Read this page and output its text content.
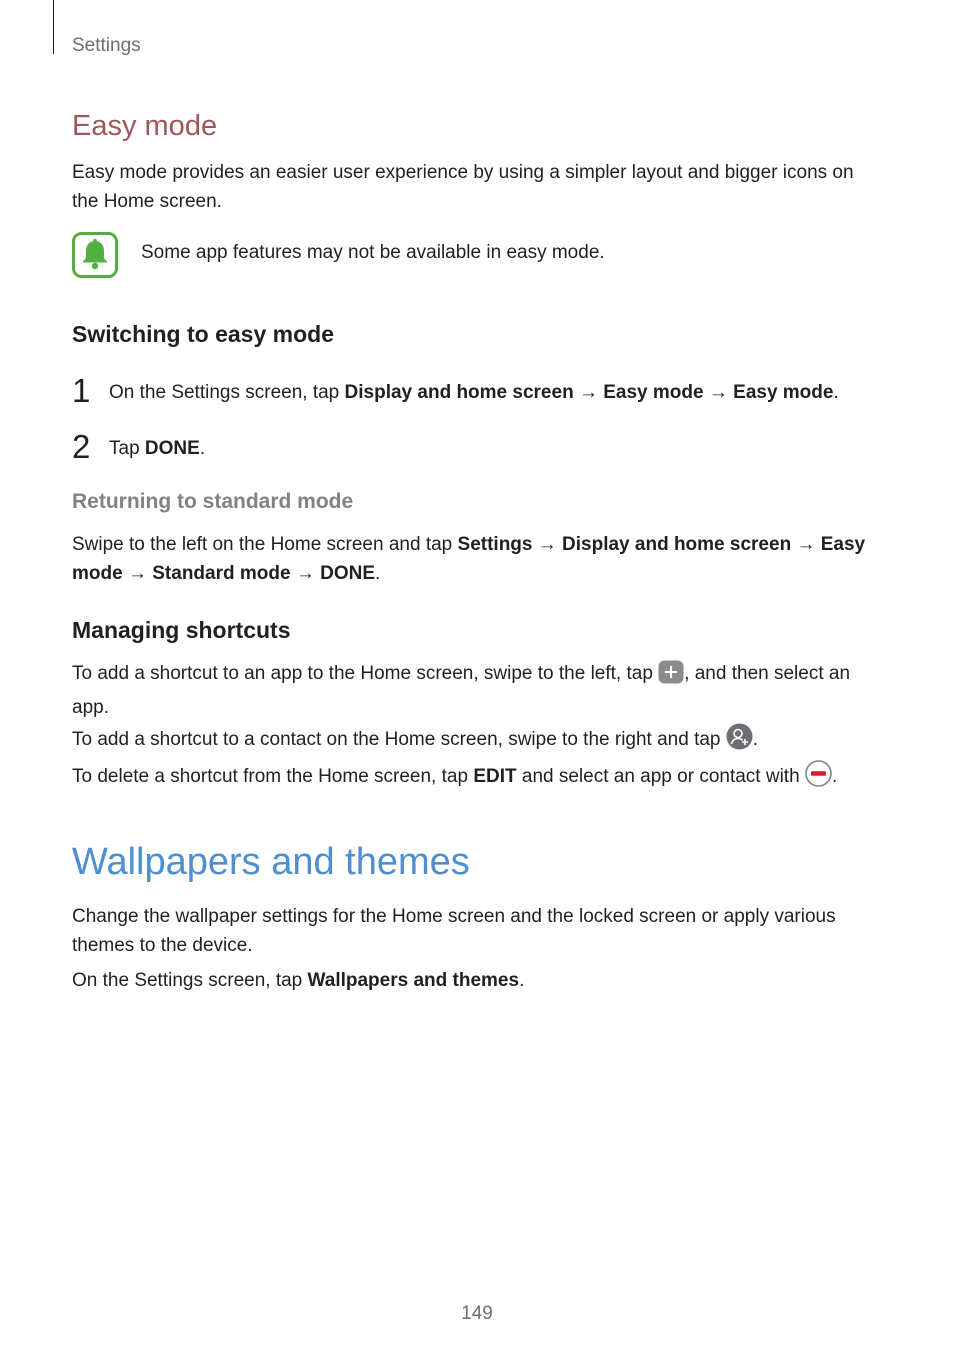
Settings
Easy mode

Easy mode provides an easier user experience by using a simpler layout and bigger icons on the Home screen.

Some app features may not be available in easy mode.

Switching to easy mode
1 On the Settings screen, tap Display and home screen → Easy mode → Easy mode.

2 Tap DONE.

Returning to standard mode

Swipe to the left on the Home screen and tap Settings → Display and home screen → Easy mode → Standard mode → DONE.

Managing shortcuts

To add a shortcut to an app to the Home screen, swipe to the left, tap , and then select an app.

To add a shortcut to a contact on the Home screen, swipe to the right and tap .

To delete a shortcut from the Home screen, tap EDIT and select an app or contact with .

Wallpapers and themes

Change the wallpaper settings for the Home screen and the locked screen or apply various themes to the device.

On the Settings screen, tap Wallpapers and themes.

149
